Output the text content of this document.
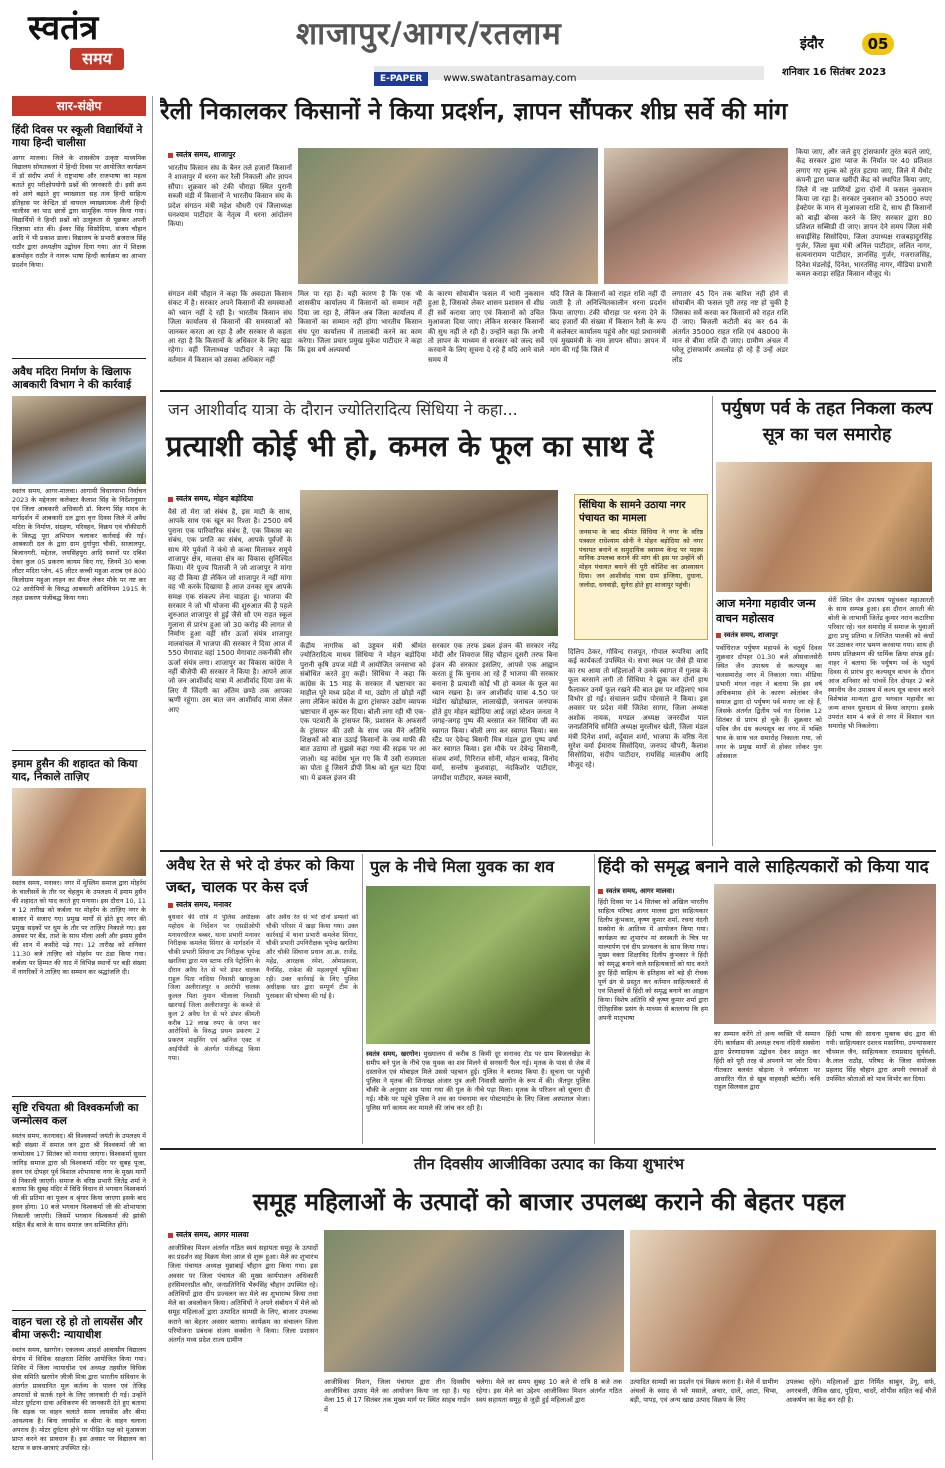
स्वतंत्र
समय
शाजापुर/आगर/रतलाम
E-PAPER www.swatantrasamay.com
इंदौर	05
शनिवार 16 सितंबर 2023
सार-संक्षेप
हिंदी दिवस पर स्कूली विद्यार्थियों ने गाया हिन्दी चालीसा
आगर मालवा। जिले के शासकीय उत्कृष्ट माध्यमिक विद्यालय सोयतकलां में हिन्दी दिवस पर आयोजित कार्यक्रम में डॉ संदीप शर्मा ने राष्ट्रभाषा और राजभाषा का महत्व बताते हुए परीक्षोपयोगी प्रश्नों की जानकारी दी। इसी क्रम को आगे बढ़ाते हुए व्याख्याता सह तत्व हिन्दी साहित्य इतिहास पर केन्द्रित डॉ वायरल व्याख्यात्मक शैली हिन्दी चालीसा का पाठ छात्रों द्वारा सामूहिक गायन किया गया। विद्यार्थियों ने हिन्दी प्रश्नों को उत्सुकता से पूछकर अपनी जिज्ञासा शांत की। ईश्वर सिंह सिसोदिया, संजय चौहान आदि ने भी प्रकाश डाला। विद्यालय के प्रभारी ब्रजराज सिंह राठौर द्वारा अध्यक्षीय उद्बोधन दिया गया। अंत में शिक्षक ब्रजमोहन राठौर ने नागरू भाषा हिन्दी कार्यक्रम का आभार प्रदर्शन किया।
अवैध मदिरा निर्माण के खिलाफ आबकारी विभाग ने की कार्रवाई
स्वतंत्र समय, आगर-मालवा। आगामी विधानसभा निर्वाचन 2023 के मद्देनजर कलेक्टर कैलाश सिंह के निर्देशानुसार एवं जिला आबकारी अधिकारी डॉ. किरण सिंह यादव के मार्गदर्शन में आबकारी दल द्वारा वृत्त दिवस जिले में अवैध मदिरा के निर्माण, संग्रहण, परिवहन, विक्रय एवं चौकीदारी के विरुद्ध पूरा अभियान चलाकर कार्रवाई की गई। आबकारी दल के द्वारा ग्राम दुर्गापुरा चौकी, साजालपुर, बिजानगरी, मद्देतल, जयसिंहपुरा आदि स्थानों पर दबिश देकर कुल 05 प्रकरण कायम किए गए, जिनमें 30 बल्क लीटर मदिरा प्लेन, 45 लीटर कच्ची महुआ शराब एवं 800 किलोग्राम महुआ लाहन का सैंपल लेकर मौके पर नष्ट कर 02 आरोपियों के विरुद्ध आबकारी अधिनियम 1915 के तहत प्रकरण पंजीबद्ध किया गया।
इमाम हुसैन की शहादत को किया याद, निकाले ताज़िए
स्वतंत्र समय, मनावर। नगर में मुस्लिम समाज द्वारा मोहर्रम के चालीसवें के तौर पर चेहलुम के उपलक्ष्य में इमाम हुसैन की शहादत को याद करते हुए मनाया। इस दौरान 10, 11 व 12 तारीख को कर्बला पर मोहर्रम के ताज़िए नगर के बाजार में सजाए गए। प्रमुख मार्गों से होते हुए नगर की प्रमुख सड़कों पर धुम के तौर पर ताज़िए निकाले गए। इस अवसर पर बैंड, ताशे के साथ मौला अली और इमाम हुसैन की शान में कसीदे पढ़े गए। 12 तारीख को शनिवार 11.30 बजे ताज़िए को मोहर्रम पर ठंडा किया गया। कर्बला पर हिम्मत की याद में विभिन्न स्थानों पर बड़ी संख्या में नागरिकों ने ताज़िए का सम्मान कर श्रद्धांजलि दी।
सृष्टि रचियता श्री विश्वकर्माजी का जन्मोत्सव कल
स्वतंत्र समय, करनावद। श्री विश्वकर्मा जयंती के उपलक्ष्य में बड़ी संख्या में समाज जन द्वारा श्री विश्वकर्मा जी का जन्मोत्सव 17 सितंबर को मनाया जाएगा। विश्वकर्मा सुथार जांगिड़ समाज द्वारा श्री विश्वकर्मा मंदिर पर सुबह पूजा, हवन एवं दोपहर पूर्व विशाल शोभायात्रा नगर के मुख्य मार्गों से निकाली जाएगी। समाज के वरिष्ठ प्रभारी जितेंद्र शर्मा ने बताया कि सुबह मंदिर में विधि विधान से भगवान विश्वकर्मा जी की प्रतिमा का पूजन व श्रृंगार किया जाएगा इसके बाद हवन होगा। 10 बजे भगवान विश्वकर्मा जी की शोभायात्रा निकाली जाएगी। जिसमें भगवान विश्वकर्मा की झांकी सहित बैंड बाजे के साथ समाज जन सम्मिलित होंगे।
वाहन चला रहे हो तो लायसेंस और बीमा जरूरी: न्यायाधीश
स्वतंत्र समय, खरगोन। एकलव्य आदर्श आवासीय विद्यालय सेगांव में विधिक साक्षरता शिविर आयोजित किया गया। शिविर में जिला न्यायाधीश एवं अध्यक्ष तहसील विधिक सेवा समिति खरगोन जीजी मित्रा द्वारा भारतीय संविधान के अंतर्गत प्रावधानित मूल कर्तव्य के पालन एवं तेजिड़ अपराधों से सतर्क रहने के लिए जानकारी दी गई। उन्होंने मोटर दुर्घटना दावा अधिकरण की जानकारी देते हुए बताया कि सड़क पर वाहन चलाते समय लायसेंस और बीमा आवश्यक है। बिना लायसेंस व बीमा के वाहन चलाना अपराध है। मोटर दुर्घटना होने पर पीड़ित पक्ष को मुआवजा प्राप्त करने का प्रावधान है। इस अवसर पर विद्यालय का स्टाफ व छात्र-छात्राएं उपस्थित रहे।
रैली निकालकर किसानों ने किया प्रदर्शन, ज्ञापन सौंपकर शीघ्र सर्वे की मांग
स्वतंत्र समय, शाजापुर
भारतीय किसान संघ के बैनर तले हजारों किसानों ने शाजापुर में धरना कर रैली निकाली और ज्ञापन सौंपा। शुक्रवार को टंकी चौराहा स्थित पुरानी सब्जी मंडी में किसानों ने भारतीय किसान संघ के प्रदेश संगठन मंत्री महेश चौधरी एवं जिलाध्यक्ष घनश्याम पाटीदार के नेतृत्व में धरना आंदोलन किया।
संगठन मंत्री चौहान ने कहा कि अवदाता किसान संकट में है। सरकार अपने किसानों की समस्याओं को ध्यान नहीं दे रही है। भारतीय किसान संघ जिला कार्यालय से किसानों की समस्याओं को जानकर करता आ रहा है और सरकार से कहता आ रहा है कि किसानों के अधिकार के लिए खड़ा रहेगा। वहीं जिलाध्यक्ष पाटीदार ने कहा कि वर्तमान में किसान को उसका अधिकार नहीं
मिल पा रहा है। यही कारण है कि एक भी शासकीय कार्यालय में किसानों को सम्मान नहीं दिया जा रहा है, लेकिन अब जिला कार्यालय में किसानों का सम्मान नहीं होगा भारतीय किसान संघ पूरा कार्यालय में तालाबंदी करने का काम करेगा। जिला प्रचार प्रमुख मुकेश पाटीदार ने कहा कि इस वर्ष अल्पवर्षा
के कारण सोयाबीन फसल में भारी नुकसान हुआ है, जिसको लेकर शासन प्रशासन से शीघ्र ही सर्वे कराया जाए एवं किसानों को उचित मुआवजा दिया जाए। लेकिन सरकार किसानों की सुध नहीं ले रही है। उन्होंने कहा कि अभी तो ज्ञापन के माध्यम से सरकार को जल्द सर्वे करवाने के लिए सूचना दे रहे हैं यदि आने वाले समय में
यदि जिले के किसानों को राहत राशि नहीं दी जाती है तो अनिश्चितकालीन धरना प्रदर्शन किया जाएगा। टंकी चौराहा पर धरना देने के बाद हजारों की संख्या में किसान रैली के रूप में कलेक्टर कार्यालय पहुंचे और यहां प्रधानमंत्री एवं मुख्यमंत्री के नाम ज्ञापन सौंपा। ज्ञापन में मांग की गई कि जिले में
लगातार 45 दिन तक बारिश नहीं होने से सोयाबीन की फसल पूरी तरह नष्ट हो चुकी है जिसका सर्वे करवा कर किसानों को राहत राशि दी जाए। बिजली कटौती बंद कर 64 के अंतर्गत 35000 राहत राशि एवं 48000 के मान से बीमा राशि दी जाए। ग्रामीण अंचल में घरेलू ट्रांसफार्मर अवलोड हो रहे हैं उन्हें अंडर लोड
किया जाए, और जले हुए ट्रांसफार्मर तुरंत बदले जाएं, केंद्र सरकार द्वारा प्याज के निर्यात पर 40 प्रतिशत लगाए गए शुल्क को तुरंत हटाया जाए, जिले में मेंथोट कंपनी द्वारा प्याज खरीदी केंद्र को स्थापित किया जाए, जिले में नष्ट प्राणियों द्वारा दोनों में फसल नुकसान किया जा रहा है। सरकार नुकसान को 35000 रुपए हेक्टेयर के मान से मुआवजा राशि दे, साथ ही किसानों को बाढ़ी बोनस करने के लिए सरकार द्वारा 80 प्रतिशत सब्सिडी दी जाए। ज्ञापन देने समय जिला मंत्री सवाईसिंह सिसोदिया, जिला उपाध्यक्ष राजबहादुरसिंह गुर्जर, जिला युवा मंत्री अनिल पाटीदार, ललित नागर, सत्यनारायण पाटीदार, ज्ञानसिंह गुर्जर, गजराजसिंह, दिनेश मंडलोई, दिनेश, भारतसिंह नागर, मीडिया प्रभारी कमल कराड़ा सहित किसान मौजूद थे।
जन आशीर्वाद यात्रा के दौरान ज्योतिरादित्य सिंधिया ने कहा...
प्रत्याशी कोई भी हो, कमल के फूल का साथ दें
स्वतंत्र समय, मोहन बड़ोदिया
वैसे तो मेरा जो संबंध है, इस माटी के साथ, आपके साथ एक खून का रिश्ता है। 2500 वर्ष पुराना एक पारिवारिक संबंध है, एक विकास का संबंध, एक प्रगति का संबंध, आपके पूर्वजों के साथ मेरे पूर्वजों ने कंधे से कन्धा मिलाकर समूचे शाजापुर क्षेत्र, मालवा क्षेत्र का विकास सुनिश्चित किया। मेरे पूज्य पिताजी ने जो शाजापुर ने मांगा वह दी किया ही लेकिन जो शाजापुर ने नहीं मांगा वह भी करके दिखाया है आज उनका सूत्र आपके समक्ष एक संकल्प लेना चाहता हूं। भाजपा की सरकार ने जो भी योजना की शुरुआत की है पहले शुरुआत शाजापुर से हुई जैसे सौ एम राहत स्कूल गुलाना से प्रारंभ हुआ जो 30 करोड़ की लागत से निर्माण हुआ वहीं सौर ऊर्जा संयंत्र शाजापुर मालवांचल में भाजपा की सरकार ने दिया आज में 550 मेगावाट वहां 1500 मेगावाट तकनीकी सौर ऊर्जा संयंत्र लगा। शाजापुर का विकास कांग्रेस ने नहीं बीजेपी की सरकार ने किया है। आपने आज जो जन आशीर्वाद यात्रा में आशीर्वाद दिया उस के लिए मैं जिंदगी का अंतिम छण्ठे तक आपका ऋणी रहूंगा। उस बात जन आशीर्वाद यात्रा लेकर आए
केंद्रीय नागरिक को उड्डयन मंत्री श्रीमंत ज्योतिरादित्य माधव सिंधिया ने मोहन बड़ोदिया पुरानी कृषि उपज मंडी में आयोजित जनसभा को संबोधित करते हुए कही। सिंधिया ने कहा कि कांग्रेस के 15 माह के सरकार में भ्रष्टाचार का माहौल पूरे मध्य प्रदेश में था, उद्योग तो छोड़ो नहीं लगा लेकिन कांग्रेस के द्वारा ट्रांसफर उद्योग व्यापक भ्रष्टाचार में शुरू कर दिया। बोली लगा रही थी एक-एक पटवारी के ट्रांसफर कि, प्रशासन के अफसरों के ट्रांसफर की उसी के साथ जब मैंने अतिथि शिक्षकों को बात उठाई किसानों के जब माफी की बात उठाया तो मुझसे कहा गया की सड़क पर आ जाओ। यह कांग्रेस भूल गए कि मैं उसी राजमाता का पोता हूं जिसने डीपी मिश्र को धूल चटा दिया था। ये ढकल इंजन की
सरकार एक तरफ डबल इंजन की सरकार नरेंद्र मोदी और शिवराज सिंह चौहान दूसरी तरफ बिना इंजन की सरकार इसलिए, आपसे एक आह्वान करता हूं कि चुनाव आ रहे हैं भाजपा की सरकार बनाना है प्रत्याशी कोई भी हो कमल के फूल का ध्यान रखना है। जन आशीर्वाद यात्रा 4.50 पर मंडोरा खोड़ोखाल, लालाखेड़ी, जनाचल जनपाक होते हुए मोहन बड़ोदिया आई जहां स्टेशन जनता ने जगह-जगह पुष्प की बरसात कर सिंधिया जी का स्वागत किया। बोली लगा कर स्वागत किया। बस स्टैंड पर देवेन्द्र बिसनी मित्र मंडल द्वारा पुष्प वर्षा कर स्वागत किया। इस मौके पर देवेन्द्र सिसानी, संजय शर्मा, गिरिराज सोनी, मोहन धाकड़, विनोद वर्मा, सन्तोष कुशवाहा, नंदकिशोर पाटीदार, जगदीश पाटीदार, कमल स्वामी,
सिंधिया के सामने उठाया नगर पंचायत का मामला
जनसभा के बाद श्रीमंत सिंधिया ने नगर के वरिष्ठ पत्रकार राधेश्याम सोनी ने मोहन बड़ोदिया को नगर पंचायत बनाने व समुदायिक स्वास्थ्य केन्द्र पर पदस्थ मानिक उपलब्ध कराने की मांग की इस पर उन्होंने श्री मोहन पंचायत बनाने की पूरी कोशिश का आश्वासन दिया। जन आशीर्वाद यात्रा ग्राम इन्जिया, दुधाना, जलोदा, धनवाड़ी, सुनेरा होते हुए शाजापुर पहुंची।
दिलिप ठेकर, गोविन्द राजपूत, गोपाल रूपरिया आदि कई कार्यकर्ता उपस्थित थे। सभा स्थल पर जैसे ही यात्रा का रथ आया तो महिलाओं ने उनके स्वागत में गुलाब के फूल बरसाने लगी तो सिंधिया ने झुक कर दोनों हाथ फैलाकर उनमें फूल रखने की बात इस पर महिलाएं भाव विभोर हो गई। संचालन प्रदीप पोरवाले ने किया। इस अवसर पर प्रदेश मंत्री जितेश सागर, जिला अध्यक्ष अशोक नायक, मण्डल अध्यक्ष जनरदीश पाल जनप्रतिनिधि समिति अध्यक्ष मुरलीधर खेती, जिला मंडल मंत्री दिनेश शर्मा, वर्दुवाल शर्मा, भाजपा के वरिष्ठ नेता सुरेश वर्मा ईमाराय सिसोदिया, जनपद चौपरी, कैलाश सिसोदिया, संदीप पाटीदार, रायसिंह मालवीय आदि मौजूद रहे।
पर्युषण पर्व के तहत निकला कल्प सूत्र का चल समारोह
आज मनेगा महावीर जन्म वाचन महोत्सव
स्वतंत्र समय, शाजापुर
पर्वाधिराज पर्युषण महापर्व के चतुर्थ दिवस शुक्रवार दोपहर 01.30 बजे ओसवालसेरी स्थित जैन उपाश्रय से कल्पसूत्र का चलसमारोह नगर में निकाला गया। मीडिया प्रभारी मंगल नाहर ने बताया कि इस वर्ष अधिकमास होने के कारण श्वेतांबर जैन समाज द्वारा दो पर्युषण पर्व मनाए जा रहे हैं, जिसके अंतर्गत द्वितीय पर्व गत दिनांक 12 सितंबर से प्रारंभ हो चुके हैं। शुक्रवार को पवित्र जैन ग्रंथ कल्पसूत्र का नगर में भक्ति भाव के साथ चल समारोह निकाला गया, जो नगर के प्रमुख मार्गों से होकर लोकर पुनः ओसवाल
सेरी स्थित जैन उपाश्रय पहुंचकर महाआरती के साथ सम्पन्न हुआ। इस दौरान आरती की बोली के लाभार्थी जितेंद्र कुमार नरान कटारिया परिवार रहे। चल समारोह में समाज के युवाओं द्वारा प्रभु प्रतिमा व लिप्तित पालकी को कंधों पर उठाकर नगर भ्रमण करवाया गया। साथ ही समय प्रतिक्रमण की धार्मिक क्रिया संपन्न हुई। नाहर ने बताया कि पर्युषण पर्व के चतुर्थ दिवस से प्रारंभ हुए कल्पसूत्र वाचन के दौरान आज शनिवार को पांचवें दिन दोपहर 2 बजे स्थानीय जैन उपाश्रय में कल्प सूत्र वाचन करने विशेषांश मान्यता द्वारा भगवान महावीर का जन्म वाचन धूमधाम से किया जाएगा। इसके उपरांत शाम 4 बजे से नगर में विशाल चल समारोह भी निकलेगा।
अवैध रेत से भरे दो डंफर को किया जब्त, चालक पर केस दर्ज
स्वतंत्र समय, मनावर
बुधवार की रात्रि में पुलिस अधीक्षक महोदय के निर्देशन पर एसडीओपी मनावरधीरज बब्बर, थाना प्रभारी मनावर निरीक्षक कमलेश सिंगार के मार्गदर्शन में चौकी प्रभारी सिंघाना उप निरीक्षक भूपेन्द्र खरतिया द्वारा मय स्टाफ रात्रि पेट्रोलिंग के दौरान अवैध रेत से भरे डंफर चालक राहुल पिता नांदिया निवासी खारकूआ जिला अलीराजपुर व आरोपी चालक कुलल पिता नुमान भीलाला निवासी खारपाई जिला अलीराजपुर के कब्जे से कुल 2 अवैध रेत से भरे डंफर कीमती करीब 12 लाख रुपए के जप्त कर आरोपियों के विरुद्ध प्रथम प्रकरण 2 प्रकरण माइनिंग एवं खनिज एक्ट वं आईपीसी के अंतर्गत पंजीबद्ध किया गया।
और अवैध रेत से भरे दोनों डम्फरों को चौकी परिसर में खड़ा किया गया। उक्त कार्रवाई में थाना प्रभारी कमलेश सिंगार, चौकी प्रभारी उपनिरीक्षक भूपेन्द्र खरतिया और चौकी सिंघाना प्रधान आ.क्र. राजेंद्र, महेंद्र, आरक्षक रमेश, ओमप्रकाश, नैनसिंह, राकेश की महत्वपूर्ण भूमिका रही। उक्त कार्रवाई के लिए पुलिस अधीक्षक धार द्वारा सम्पूर्ण टीम के पुरस्कार की घोषणा की गई है।
पुल के नीचे मिला युवक का शव
स्वतंत्र समय, खरगोन। मुख्यालय से करीब 8 किमी दूर सनावद रोड पर ग्राम बिजलखेड़ा के समीप बने पुल के नीचे एक युवक का शव मिलने से सनसनी फैल गई। मृतक के पास से जेब में दस्तावेज एवं मोबाइल मिले उससे पहचान हुई। पुलिस ने बरामद किया है। सूचना पर पहुंची पुलिस ने मृतक की शिनाख्त अंजार पुत्र अली निवासी खरगोन के रूप में की। जैतपुर पुलिस चौकी के अनुसार शव पाया गया की पुल के नीचे पड़ा मिला। मृतक के परिजन को सूचना दी गई। मौके पर पहुंचे पुलिस ने शव का पंचनामा कर पोस्टमार्टम के लिए जिला अस्पताल भेजा। पुलिस मर्ग कायम कर मामले की जांच कर रही है।
हिंदी को समृद्ध बनाने वाले साहित्यकारों को किया याद
स्वतंत्र समय, आगर मालवा।
हिंदी दिवस पर 14 सितंबर को अखिल भारतीय साहित्य परिषद आगर मालवा द्वारा साहित्यकार दिलीप कुंभकार, कृष्ण कुमार शर्मा, रचना नंदनी सक्सेना के आतिथ्य में आयोजन किया गया। कार्यक्रम का शुभारंभ मां सरस्वती के चित्र पर माल्यार्पण एवं दीप प्रज्वलन के साथ किया गया। मुख्य वक्ता शिक्षाविद दिलीप कुंभकार ने हिंदी को समृद्ध बनाने वाले साहित्यकारों को याद करते हुए हिंदी साहित्य के इतिहास को बड़े ही रोचक पूर्ण ढंग से प्रस्तुत कर वर्तमान साहित्यकारों से एवं शिक्षकों से हिंदी को समृद्ध बनाने का आह्वान किया। विशेष अतिथि श्री कृष्ण कुमार शर्मा द्वारा ऐतिहासिक प्रसंग के माध्यम से बतलाया कि हम अपनी मातृभाषा
का सम्मान करेंगे तो अन्य व्यक्ति भी सम्मान देंगे। कार्यक्रम की अध्यक्ष रचना नंदिनी सक्सेना द्वारा प्रेरणादायक उद्बोधन देकर प्रस्तुत कर हिंदी को पूरी तरह से अपनाने पर जोर दिया। गीतकार बलवंत बोड़ाना ने वर्णमाला पर आधारित गीत से खूब वाहवाही बटोरी। कवि राहुल सिलवाल द्वारा
हिंदी भाषा की साधना मुक्तक छंद द्वारा की गयी। साहित्यकार दशरथ मसानिया, उपन्यासकार चौथमल जैन, साहित्यकार रामप्रसाद सूर्यवंशी, कै.लाल राठौड़, परिषद के जिला संयोजक प्रहलाद सिंह चौहान द्वारा अपनी रचनाओं से उपस्थित श्रोताओं को भाव विभोर कर दिया।
तीन दिवसीय आजीविका उत्पाद का किया शुभारंभ
समूह महिलाओं के उत्पादों को बाजार उपलब्ध कराने की बेहतर पहल
स्वतंत्र समय, आगर मालवा
आजीविका मिशन अंतर्गत गठित स्वयं सहायता समूह के उत्पादों का प्रदर्शन सह विक्रय मेला आज से शुरू हुआ। मेले का शुभारंभ जिला पंचायत अध्यक्ष मुन्नाबाई चौहान द्वारा किया गया। इस अवसर पर जिला पंचायत की मुख्य कार्यपालन अधिकारी हरसिमरनप्रीत कौर, जनप्रतिनिधि भैरूसिंह चौहान उपस्थित रहे। अतिथियों द्वारा दीप प्रज्वलन कर मेले का शुभारम्भ किया तथा मेले का अवलोकन किया। अतिथियों ने अपने संबोधन में मेले को समूह महिलाओं द्वारा उत्पादित सामग्री के लिए, बाजार उपलब्ध कराने का बेहतर अवसर बताया। कार्यक्रम का संचालन जिला परियोजना प्रबंधक संजय सक्सेना ने किया। जिला प्रशासन अंतर्गत मध्य प्रदेश राज्य ग्रामीण
आजीविका मिशन, जिला पंचायत द्वारा तीन दिवसीय आजीविका उत्पाद मेले का आयोजन किया जा रहा है। यह मेला 15 से 17 सितंबर तक मुख्य मार्ग पर स्थित साहब गार्डन में
चलेगा। मेले का समय सुबह 10 बजे से रात्रि 8 बजे तक रहेगा। इस मेले का उद्देश्य आजीविका मिशन अंतर्गत गठित स्वयं सहायता समूह से जुड़ी हुई महिलाओं द्वारा
उत्पादित सामग्री का प्रदर्शन एवं विक्रय करना है। मेले में ग्रामीण अंचलों के स्वाद से भरे मसाले, अचार, दालें, आटा, चिप्स, बड़ी, पापड़, एवं अन्य खाद्य उत्पाद विक्रय के लिए
उपलब्ध रहेंगे। महिलाओं द्वारा निर्मित साबुन, डेंगू, सर्फ, अगरबत्ती, जैविक खाद, पुड़िया, चादरें, शोपीस सहित कई चीजें आकर्षण का केंद्र बन रही है।
